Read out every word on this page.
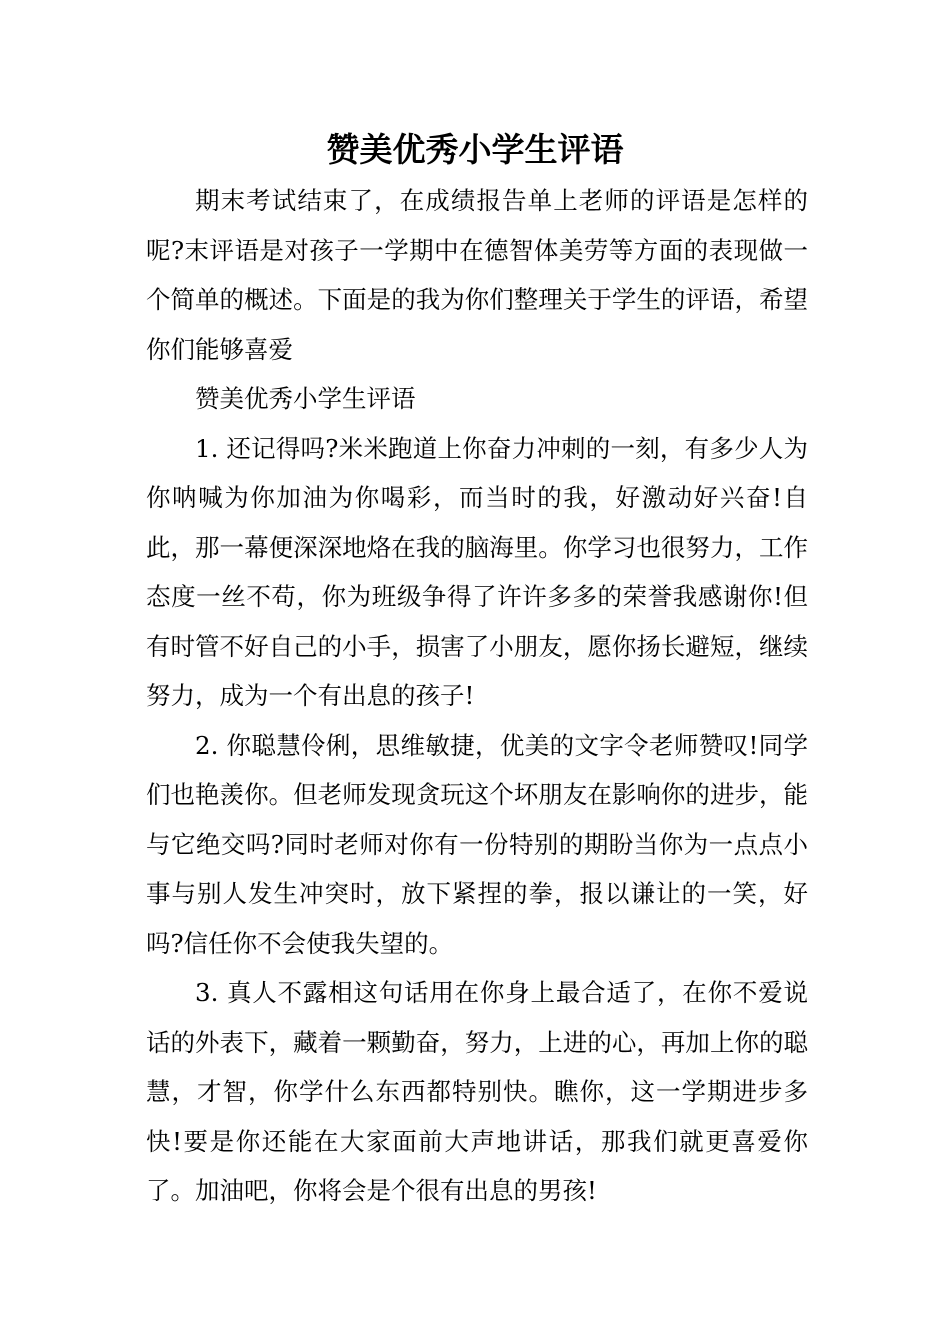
赞美优秀小学生评语

期末考试结束了，在成绩报告单上老师的评语是怎样的呢?末评语是对孩子一学期中在德智体美劳等方面的表现做一个简单的概述。下面是的我为你们整理关于学生的评语，希望你们能够喜爱

赞美优秀小学生评语

1. 还记得吗?米米跑道上你奋力冲刺的一刻，有多少人为你呐喊为你加油为你喝彩，而当时的我，好激动好兴奋!自此，那一幕便深深地烙在我的脑海里。你学习也很努力，工作态度一丝不苟，你为班级争得了许许多多的荣誉我感谢你!但有时管不好自己的小手，损害了小朋友，愿你扬长避短，继续努力，成为一个有出息的孩子!

2. 你聪慧伶俐，思维敏捷，优美的文字令老师赞叹!同学们也艳羡你。但老师发现贪玩这个坏朋友在影响你的进步，能与它绝交吗?同时老师对你有一份特别的期盼当你为一点点小事与别人发生冲突时，放下紧捏的拳，报以谦让的一笑，好吗?信任你不会使我失望的。

3. 真人不露相这句话用在你身上最合适了，在你不爱说话的外表下，藏着一颗勤奋，努力，上进的心，再加上你的聪慧，才智，你学什么东西都特别快。瞧你，这一学期进步多快!要是你还能在大家面前大声地讲话，那我们就更喜爱你了。加油吧，你将会是个很有出息的男孩!
